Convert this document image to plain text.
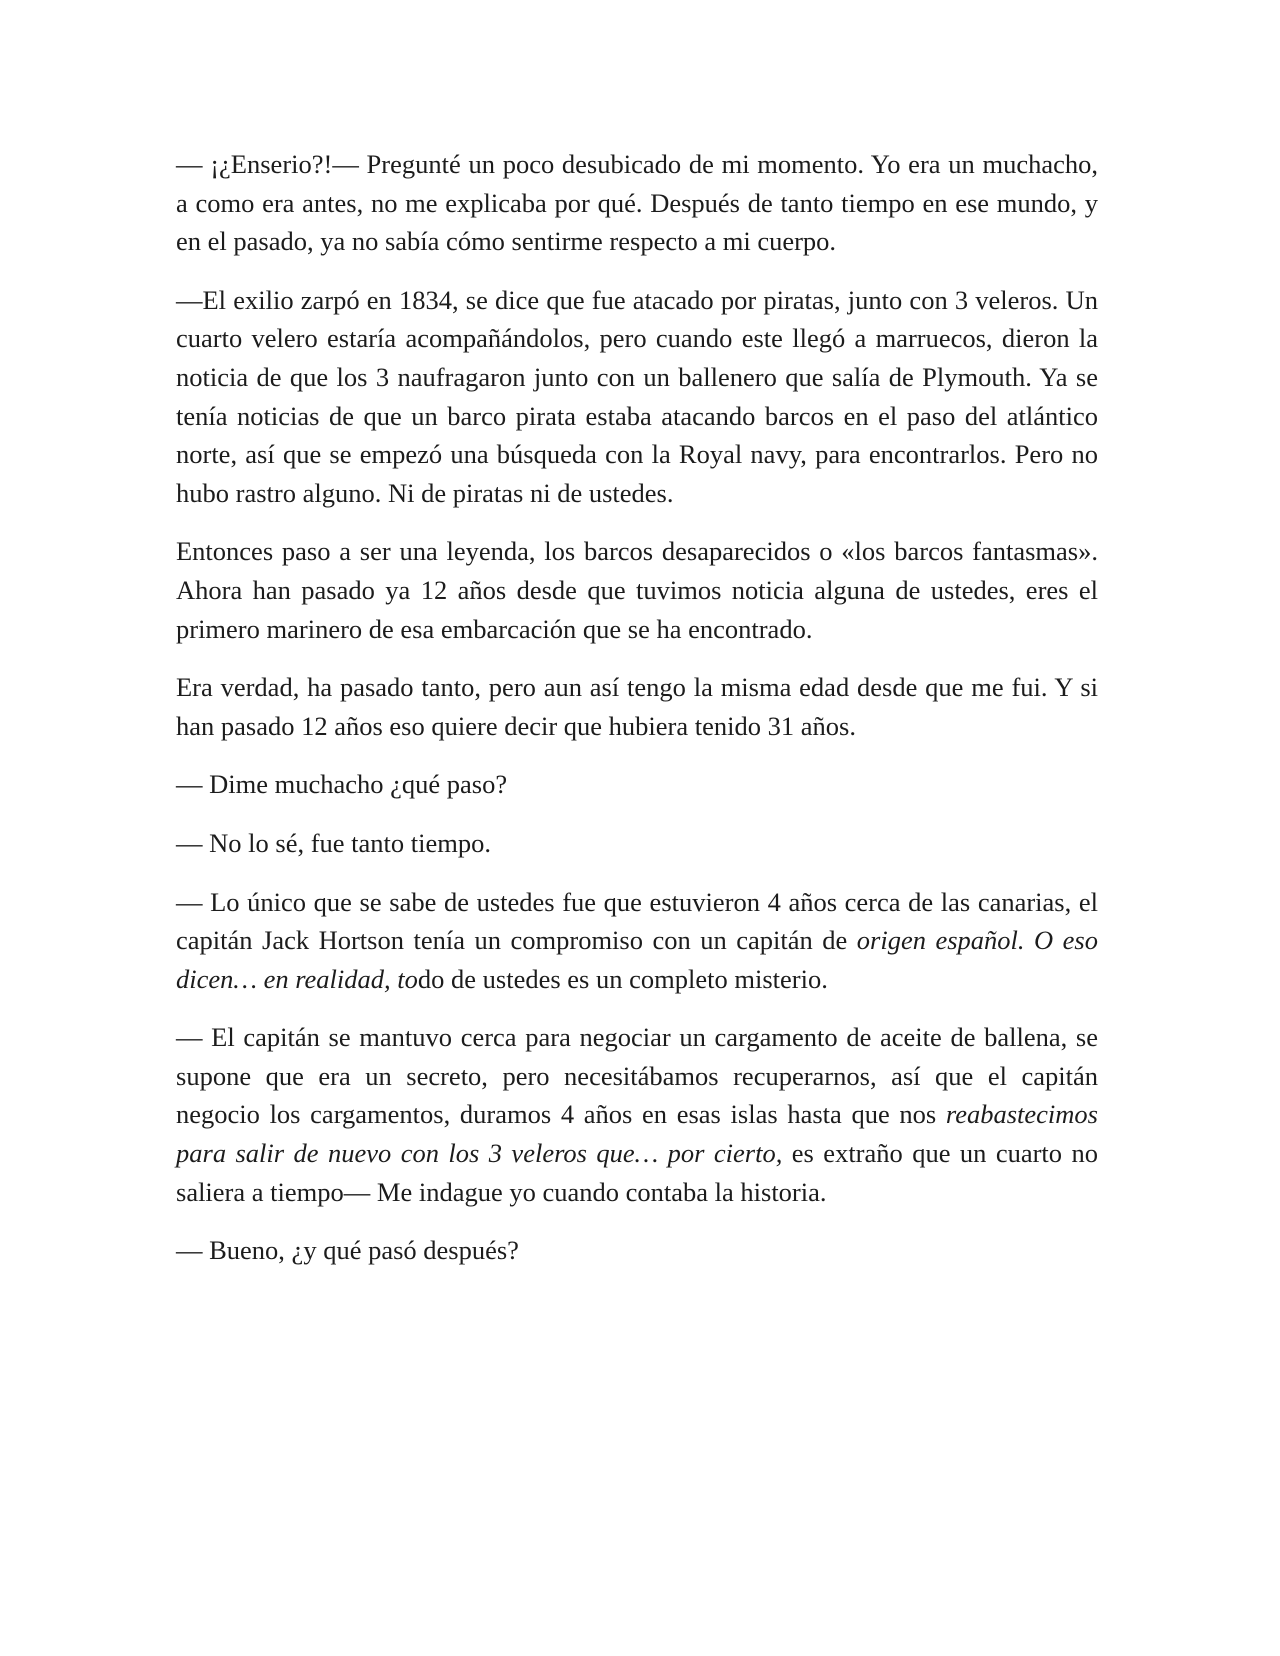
— ¡¿Enserio?!— Pregunté un poco desubicado de mi momento. Yo era un muchacho, a como era antes, no me explicaba por qué. Después de tanto tiempo en ese mundo, y en el pasado, ya no sabía cómo sentirme respecto a mi cuerpo.

—El exilio zarpó en 1834, se dice que fue atacado por piratas, junto con 3 veleros. Un cuarto velero estaría acompañándolos, pero cuando este llegó a marruecos, dieron la noticia de que los 3 naufragaron junto con un ballenero que salía de Plymouth. Ya se tenía noticias de que un barco pirata estaba atacando barcos en el paso del atlántico norte, así que se empezó una búsqueda con la Royal navy, para encontrarlos. Pero no hubo rastro alguno. Ni de piratas ni de ustedes.

Entonces paso a ser una leyenda, los barcos desaparecidos o «los barcos fantasmas». Ahora han pasado ya 12 años desde que tuvimos noticia alguna de ustedes, eres el primero marinero de esa embarcación que se ha encontrado.

Era verdad, ha pasado tanto, pero aun así tengo la misma edad desde que me fui. Y si han pasado 12 años eso quiere decir que hubiera tenido 31 años.

— Dime muchacho ¿qué paso?

— No lo sé, fue tanto tiempo.

— Lo único que se sabe de ustedes fue que estuvieron 4 años cerca de las canarias, el capitán Jack Hortson tenía un compromiso con un capitán de origen español. O eso dicen… en realidad, todo de ustedes es un completo misterio.

— El capitán se mantuvo cerca para negociar un cargamento de aceite de ballena, se supone que era un secreto, pero necesitábamos recuperarnos, así que el capitán negocio los cargamentos, duramos 4 años en esas islas hasta que nos reabastecimos para salir de nuevo con los 3 veleros que… por cierto, es extraño que un cuarto no saliera a tiempo— Me indague yo cuando contaba la historia.

— Bueno, ¿y qué pasó después?
